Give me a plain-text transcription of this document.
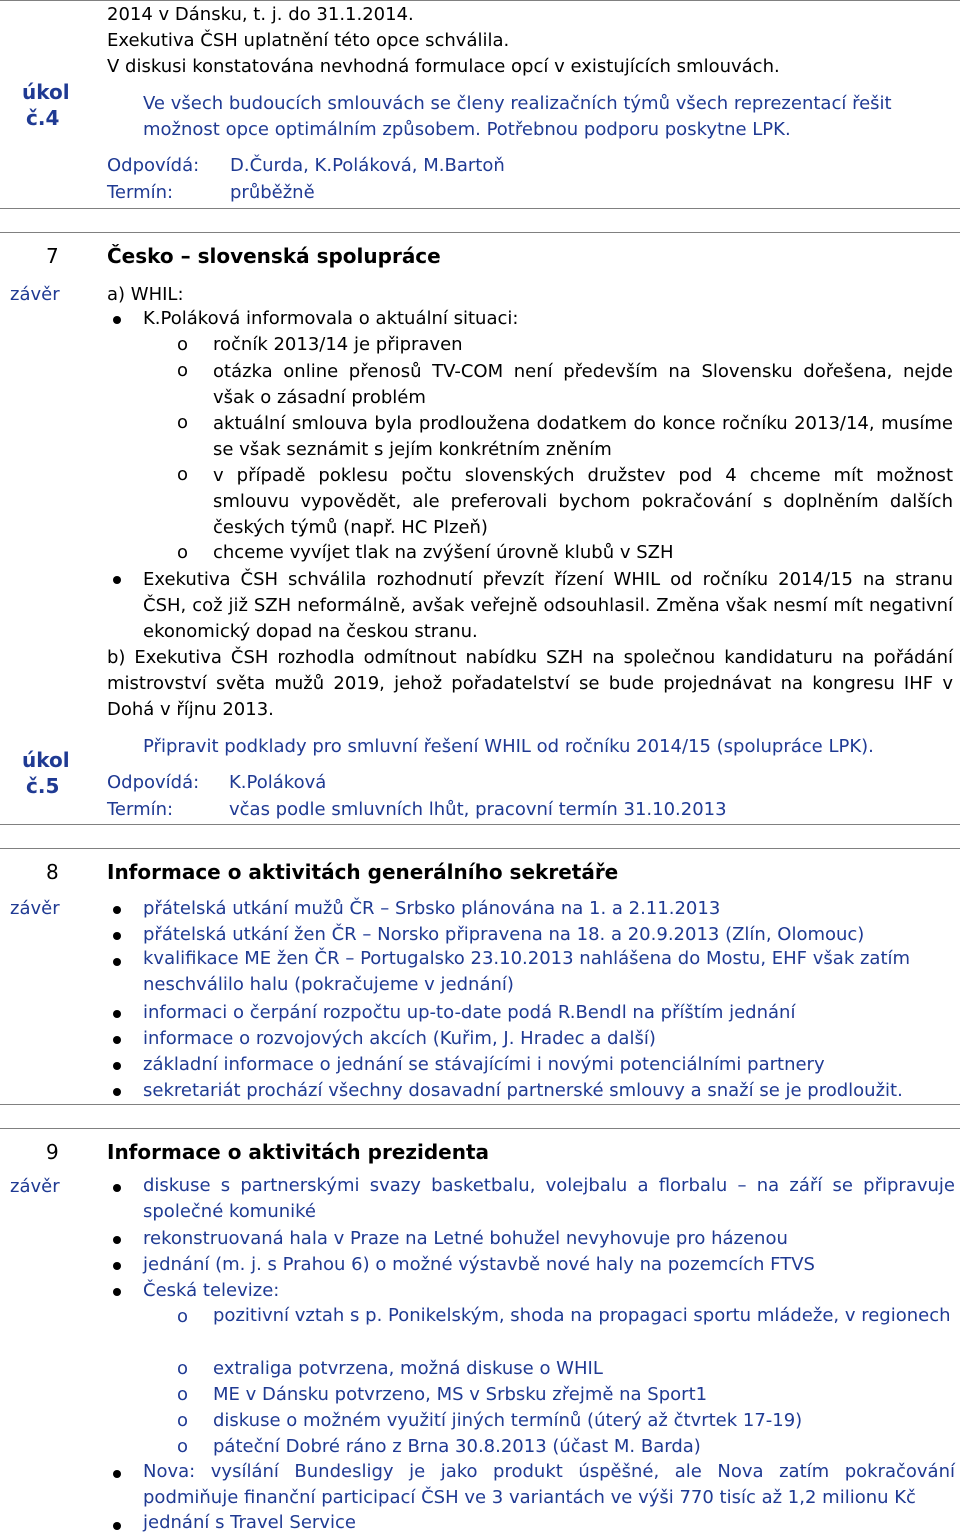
úkol
č.4
2014 v Dánsku, t. j. do 31.1.2014.
Exekutiva ČSH uplatnění této opce schválila.
V diskusi konstatována nevhodná formulace opcí v existujících smlouvách.
Ve všech budoucích smlouvách se členy realizačních týmů všech reprezentací řešit možnost opce optimálním způsobem. Potřebnou podporu poskytne LPK.
Odpovídá: D.Čurda, K.Poláková, M.Bartoň
Termín:	průběžně
7 Česko – slovenská spolupráce
závěr	a) WHIL:
K.Poláková informovala o aktuální situaci:
o ročník 2013/14 je připraven
o otázka online přenosů TV-COM není především na Slovensku dořešena, nejde však o zásadní problém
o aktuální smlouva byla prodloužena dodatkem do konce ročníku 2013/14, musíme se však seznámit s jejím konkrétním zněním
o v případě poklesu počtu slovenských družstev pod 4 chceme mít možnost smlouvu vypovědět, ale preferovali bychom pokračování s doplněním dalších českých týmů (např. HC Plzeň)
o chceme vyvíjet tlak na zvýšení úrovně klubů v SZH
Exekutiva ČSH schválila rozhodnutí převzít řízení WHIL od ročníku 2014/15 na stranu ČSH, což již SZH neformálně, avšak veřejně odsouhlasil. Změna však nesmí mít negativní ekonomický dopad na českou stranu.
b) Exekutiva ČSH rozhodla odmítnout nabídku SZH na společnou kandidaturu na pořádání mistrovství světa mužů 2019, jehož pořadatelství se bude projednávat na kongresu IHF v Dohá v říjnu 2013.
úkol
č.5
Připravit podklady pro smluvní řešení WHIL od ročníku 2014/15 (spolupráce LPK).
Odpovídá: K.Poláková
Termín:	včas podle smluvních lhůt, pracovní termín 31.10.2013
8 Informace o aktivitách generálního sekretáře
závěr	přátelská utkání mužů ČR – Srbsko plánována na 1. a 2.11.2013
přátelská utkání žen ČR – Norsko připravena na 18. a 20.9.2013 (Zlín, Olomouc)
kvalifikace ME žen ČR – Portugalsko 23.10.2013 nahlášena do Mostu, EHF však zatím neschválilo halu (pokračujeme v jednání)
informaci o čerpání rozpočtu up-to-date podá R.Bendl na příštím jednání
informace o rozvojových akcích (Kuřim, J. Hradec a další)
základní informace o jednání se stávajícími i novými potenciálními partnery
sekretariát prochází všechny dosavadní partnerské smlouvy a snaží se je prodloužit.
9 Informace o aktivitách prezidenta
závěr	diskuse s partnerskými svazy basketbalu, volejbalu a florbalu – na září se připravuje společné komuniké
rekonstruovaná hala v Praze na Letné bohužel nevyhovuje pro házenou
jednání (m. j. s Prahou 6) o možné výstavbě nové haly na pozemcích FTVS
Česká televize:
o pozitivní vztah s p. Ponikelským, shoda na propagaci sportu mládeže, v regionech
o extraliga potvrzena, možná diskuse o WHIL
o ME v Dánsku potvrzeno, MS v Srbsku zřejmě na Sport1
o diskuse o možném využití jiných termínů (úterý až čtvrtek 17-19)
o páteční Dobré ráno z Brna 30.8.2013 (účast M. Barda)
Nova: vysílání Bundesligy je jako produkt úspěšné, ale Nova zatím pokračování podmiňuje finanční participací ČSH ve 3 variantách ve výši 770 tisíc až 1,2 milionu Kč
jednání s Travel Service
